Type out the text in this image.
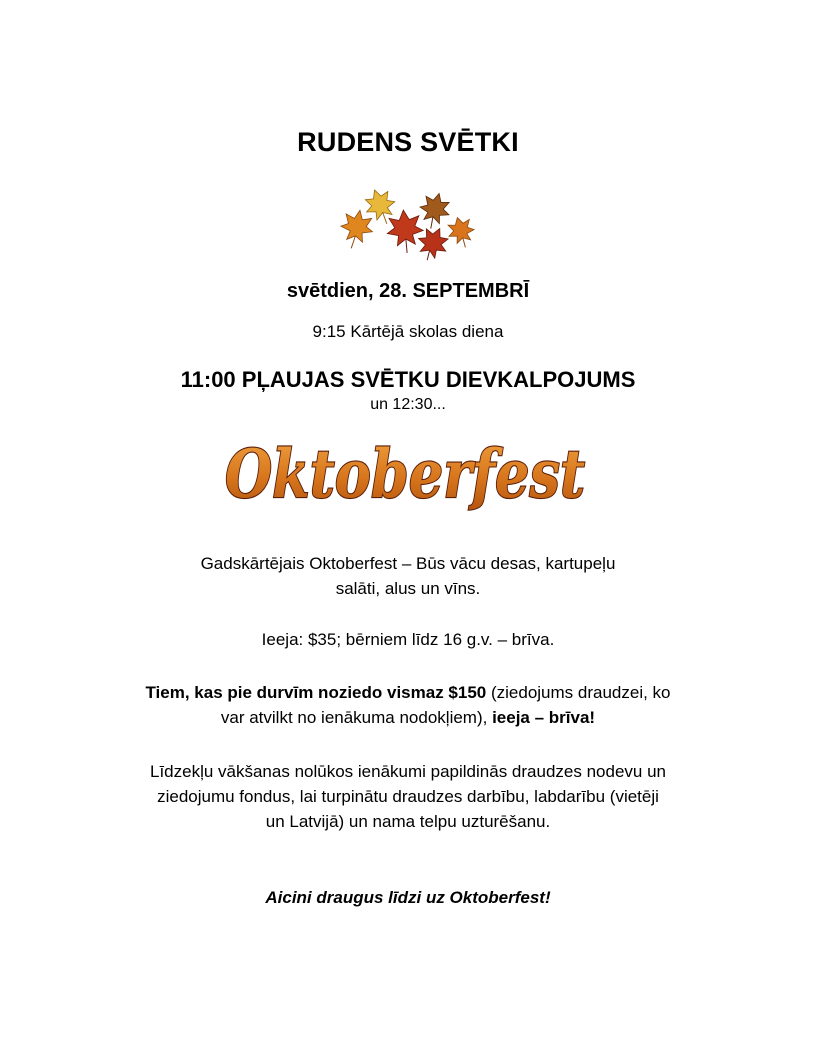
RUDENS SVĒTKI
svētdien, 28. SEPTEMBRĪ
9:15 Kārtējā skolas diena
11:00 PĻAUJAS SVĒTKU DIEVKALPOJUMS
un 12:30...
Oktoberfest
Gadskārtējais Oktoberfest – Būs vācu desas, kartupeļu
salāti, alus un vīns.
Ieeja: $35; bērniem līdz 16 g.v. – brīva.
Tiem, kas pie durvīm noziedo vismaz $150 (ziedojums draudzei, ko
var atvilkt no ienākuma nodokļiem), ieeja – brīva!
Līdzekļu vākšanas nolūkos ienākumi papildinās draudzes nodevu un
ziedojumu fondus, lai turpinātu draudzes darbību, labdarību (vietēji
un Latvijā) un nama telpu uzturēšanu.
Aicini draugus līdzi uz Oktoberfest!
